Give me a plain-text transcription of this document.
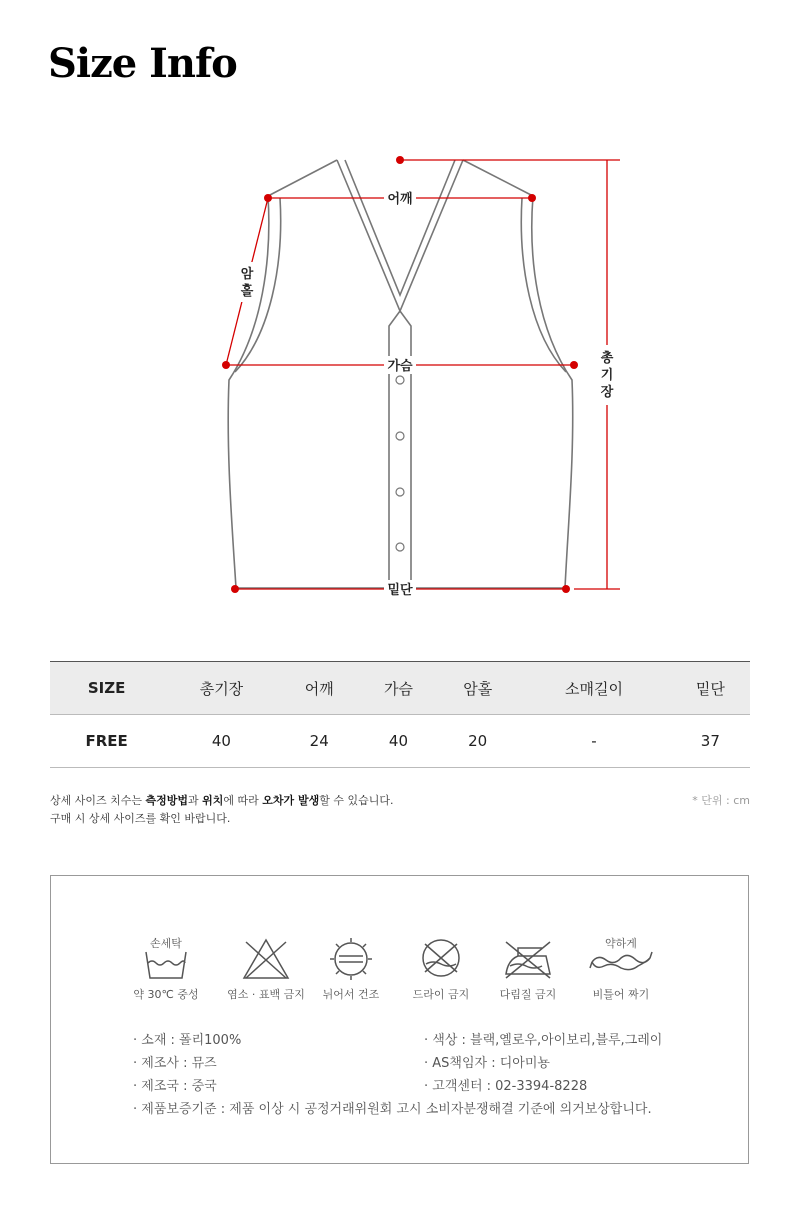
Size Info
어깨
가슴
밑단
암 홀
총 기 장
SIZE	총기장	어깨	가슴	암홀	소매길이	밑단
FREE	40	24	40	20	-	37
상세 사이즈 치수는 측정방법과 위치에 따라 오차가 발생할 수 있습니다.
구매 시 상세 사이즈를 확인 바랍니다.
* 단위 : cm
손세탁
약 30℃ 중성	염소 · 표백 금지	뉘어서 건조	드라이 금지	다림질 금지
약하게
비틀어 짜기
· 소재 : 폴리100%
· 제조사 : 뮤즈
· 제조국 : 중국
· 제품보증기준 : 제품 이상 시 공정거래위원회 고시 소비자분쟁해결 기준에 의거보상합니다.
· 색상 : 블랙,옐로우,아이보리,블루,그레이
· AS책임자 : 디아미뇽
· 고객센터 : 02-3394-8228
